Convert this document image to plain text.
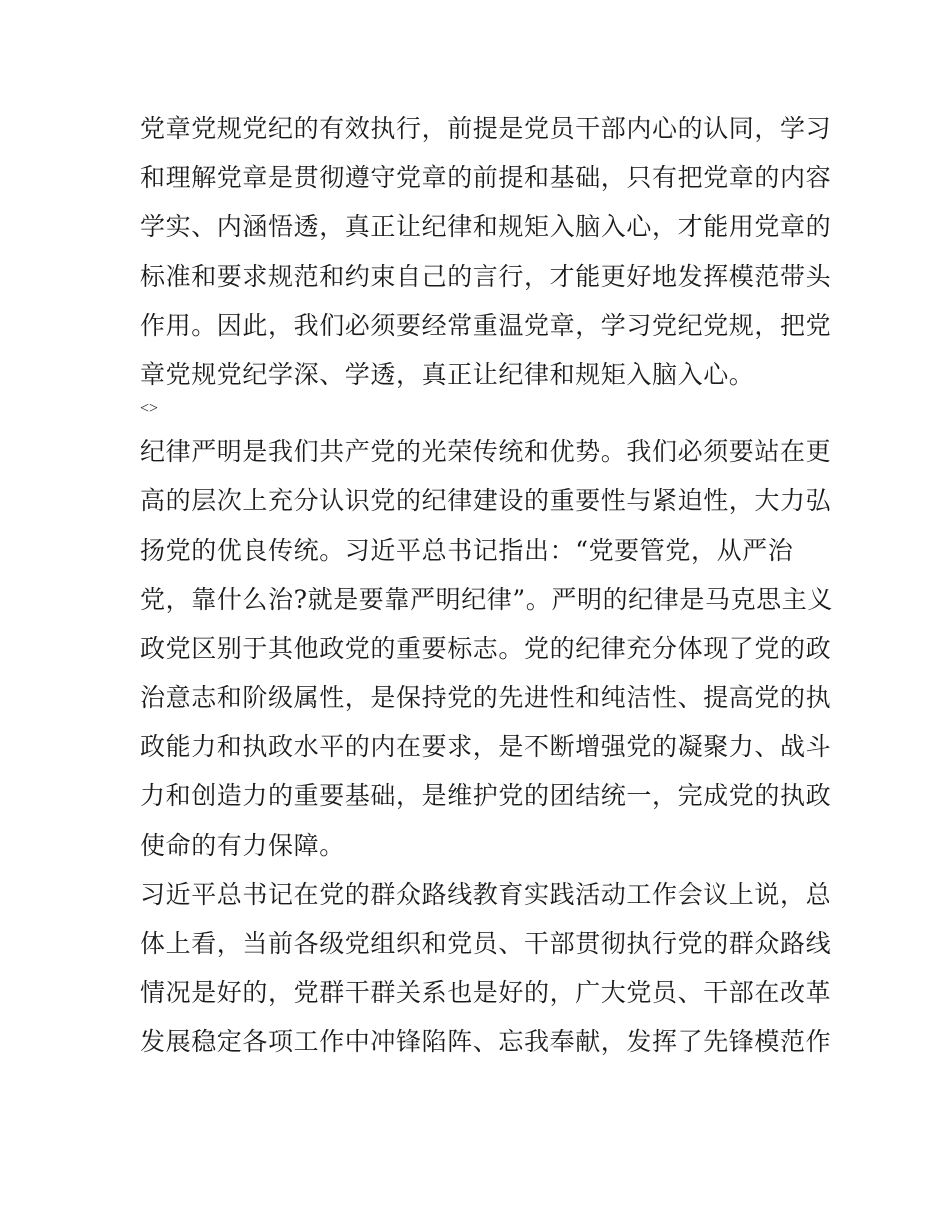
党章党规党纪的有效执行，前提是党员干部内心的认同，学习
和理解党章是贯彻遵守党章的前提和基础，只有把党章的内容
学实、内涵悟透，真正让纪律和规矩入脑入心，才能用党章的
标准和要求规范和约束自己的言行，才能更好地发挥模范带头
作用。因此，我们必须要经常重温党章，学习党纪党规，把党
章党规党纪学深、学透，真正让纪律和规矩入脑入心。
<>
纪律严明是我们共产党的光荣传统和优势。我们必须要站在更
高的层次上充分认识党的纪律建设的重要性与紧迫性，大力弘
扬党的优良传统。习近平总书记指出：“党要管党，从严治
党，靠什么治?就是要靠严明纪律”。严明的纪律是马克思主义
政党区别于其他政党的重要标志。党的纪律充分体现了党的政
治意志和阶级属性，是保持党的先进性和纯洁性、提高党的执
政能力和执政水平的内在要求，是不断增强党的凝聚力、战斗
力和创造力的重要基础，是维护党的团结统一，完成党的执政
使命的有力保障。
习近平总书记在党的群众路线教育实践活动工作会议上说，总
体上看，当前各级党组织和党员、干部贯彻执行党的群众路线
情况是好的，党群干群关系也是好的，广大党员、干部在改革
发展稳定各项工作中冲锋陷阵、忘我奉献，发挥了先锋模范作
